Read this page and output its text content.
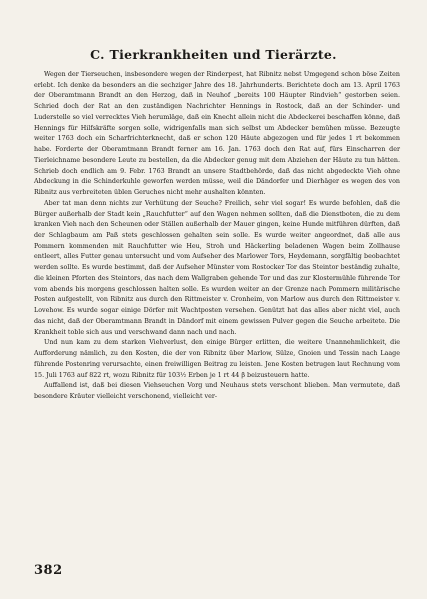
C. Tierkrankheiten und Tierärzte.

Wegen der Tierseuchen, insbesondere wegen der Rinderpest, hat Ribnitz nebst Umgegend schon böse Zeiten erlebt. Ich denke da besonders an die sechziger Jahre des 18. Jahrhunderts. Berichtete doch am 13. April 1763 der Oberamtmann Brandt an den Herzog, daß in Neuhof „bereits 100 Häupter Rindvieh“ gestorben seien. Schried doch der Rat an den zuständigen Nachrichter Hennings in Rostock, daß an der Schinder- und Luderstelle so viel verrecktes Vieh herumläge, daß ein Knecht allein nicht die Abdeckerei beschaffen könne, daß Hennings für Hilfskräfte sorgen solle, widrigenfalls man sich selbst um Abdecker bemühen müsse. Bezeugte weiter 1763 doch ein Scharfrichterknecht, daß er schon 120 Häute abgezogen und für jedes 1 rt bekommen habe. Forderte der Oberamtmann Brandt ferner am 16. Jan. 1763 doch den Rat auf, fürs Einscharren der Tierleichname besondere Leute zu bestellen, da die Abdecker genug mit dem Abziehen der Häute zu tun hätten. Schrieb doch endlich am 9. Febr. 1763 Brandt an unsere Stadtbehörde, daß das nicht abgedeckte Vieh ohne Abdeckung in die Schinderkuhle geworfen werden müsse, weil die Dändorfer und Dierhäger es wegen des von Ribnitz aus verbreiteten üblen Geruches nicht mehr aushalten könnten.

Aber tat man denn nichts zur Verhütung der Seuche? Freilich, sehr viel sogar! Es wurde befohlen, daß die Bürger außerhalb der Stadt kein „Rauchfutter“ auf den Wagen nehmen sollten, daß die Dienstboten, die zu dem kranken Vieh nach den Scheunen oder Ställen außerhalb der Mauer gingen, keine Hunde mitführen dürften, daß der Schlagbaum am Paß stets geschlossen gehalten sein solle. Es wurde weiter angeordnet, daß alle aus Pommern kommenden mit Rauchfutter wie Heu, Stroh und Häckerling beladenen Wagen beim Zollhause entleert, alles Futter genau untersucht und vom Aufseher des Marlower Tors, Heydemann, sorgfältig beobachtet werden sollte. Es wurde bestimmt, daß der Aufseher Münster vom Rostocker Tor das Steintor beständig zuhalte, die kleinen Pforten des Steintors, das nach dem Wallgraben gehende Tor und das zur Klostermühle führende Tor vom abends bis morgens geschlossen halten solle. Es wurden weiter an der Grenze nach Pommern militärische Posten aufgestellt, von Ribnitz aus durch den Rittmeister v. Cronheim, von Marlow aus durch den Rittmeister v. Lovehow. Es wurde sogar einige Dörfer mit Wachtposten versehen. Genützt hat das alles aber nicht viel, auch das nicht, daß der Oberamtmann Brandt in Dändorf mit einem gewissen Pulver gegen die Seuche arbeitete. Die Krankheit toble sich aus und verschwand dann nach und nach.

Und nun kam zu dem starken Viehverlust, den einige Bürger erlitten, die weitere Unannehmlichkeit, die Aufforderung nämlich, zu den Kosten, die der von Ribnitz über Marlow, Sülze, Gnoien und Tessin nach Laage führende Postenring verursachte, einen freiwilligen Beitrag zu leisten. Jene Kosten betrugen laut Rechnung vom 15. Juli 1763 auf 822 rt, wozu Ribnitz für 103½ Erben je 1 rt 44 β beizusteuern hatte.

Auffallend ist, daß bei diesen Viehseuchen Vorg und Neuhaus stets verschont blieben. Man vermutete, daß besondere Kräuter vielleicht verschonend, vielleicht ver-

382
